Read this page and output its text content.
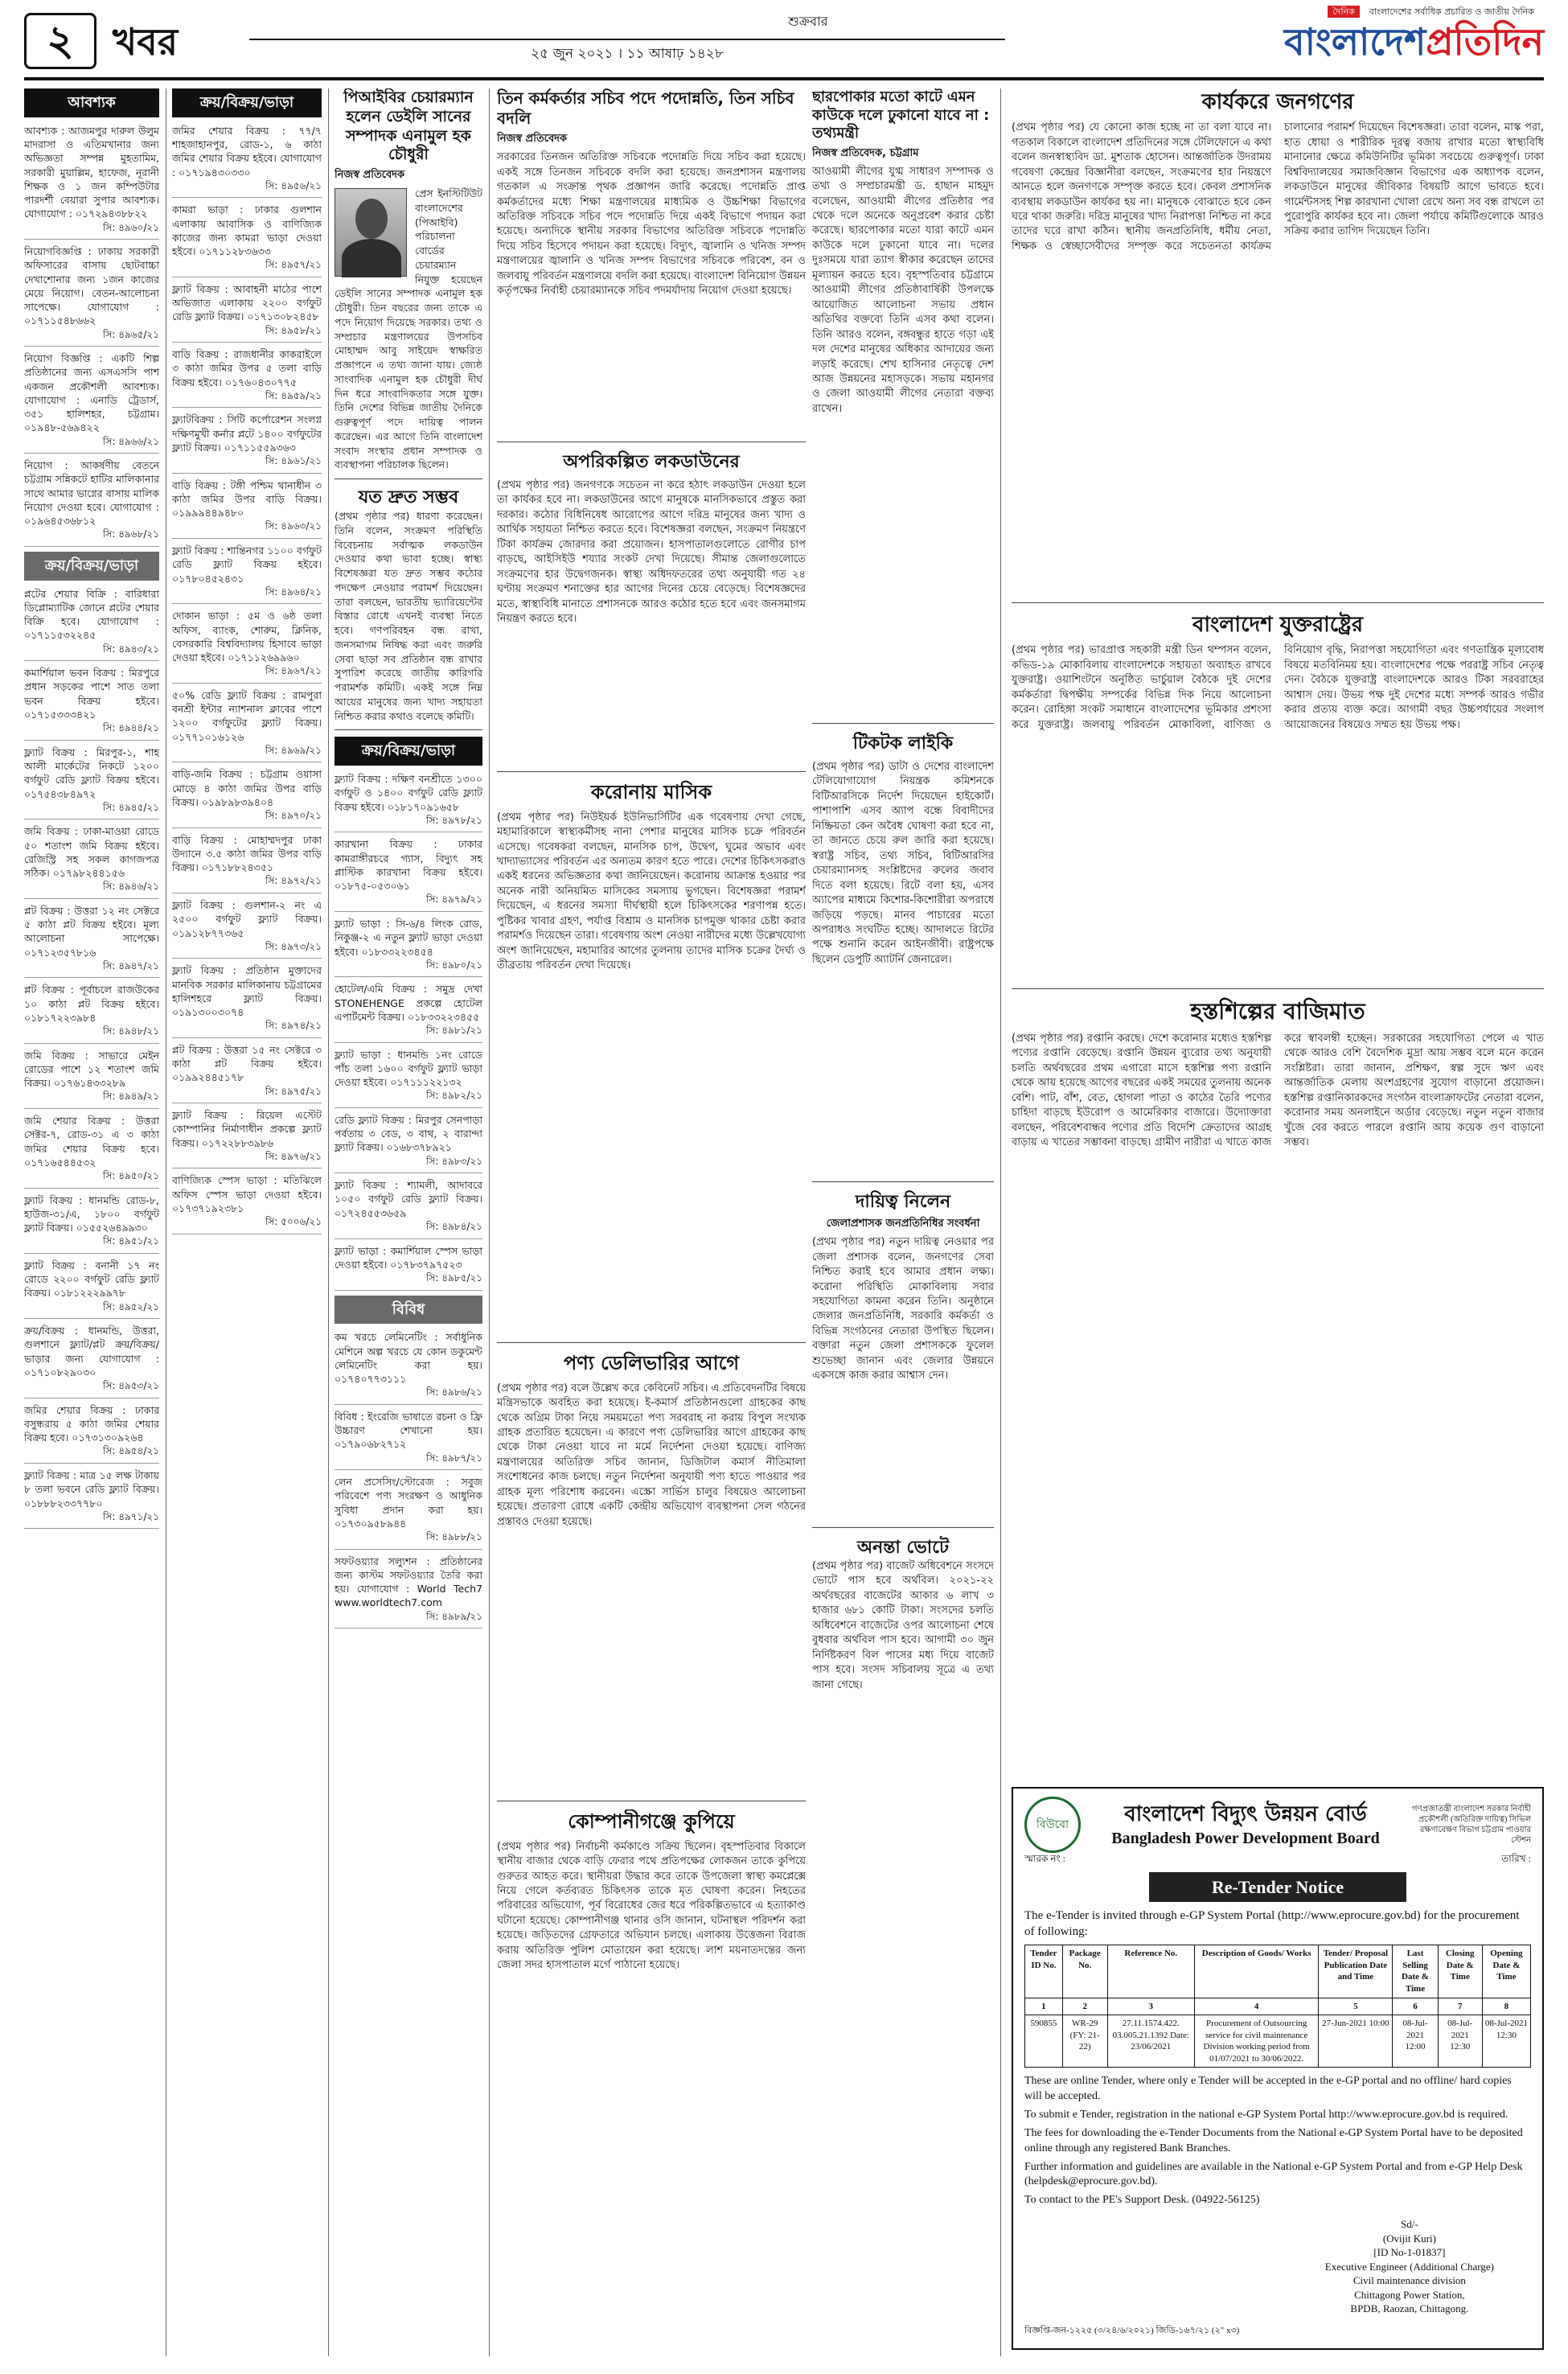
২	খবর	শুক্রবার
২৫ জুন ২০২১ । ১১ আষাঢ় ১৪২৮
দৈনিক বাংলাদেশের সর্বাধিক প্রচারিত ও জাতীয় দৈনিক
বাংলাদেশপ্রতিদিন
আবশ্যক
আবশ্যক : আজমপুর দারুল উলুম মাদরাসা ও এতিমখানার জন্য অভিজ্ঞতা সম্পন্ন মুহতামিম, সরকারী মুয়াল্লিম, হাফেজ, নূরানী শিক্ষক ও ১ জন কম্পিউটার পারদর্শী বেয়ারা সুপার আবশ্যক। যোগাযোগ : ০১৭২৯৪৩৮৮২২
সি: ৪৯৬০/২১
নিয়োগবিজ্ঞপ্তি : ঢাকায় সরকারী অফিসারের বাসায় ছোটবাচ্চা দেখাশোনার জন্য ১জন কাজের মেয়ে নিয়োগ। বেতন-আলোচনা সাপেক্ষে। যোগাযোগ : ০১৭১১৫৪৮৬৬২
সি: ৪৯৬৫/২১
নিয়োগ বিজ্ঞপ্তি : একটি শিল্প প্রতিষ্ঠানের জন্য এসএসসি পাশ একজন প্রকৌশলী আবশ্যক। যোগাযোগ : এনাডি ট্রেডার্স, ৩৫১ হালিশহর, চট্টগ্রাম। ০১৯৪৮-৫৬৯৪২২
সি: ৪৯৬৬/২১
নিয়োগ : আকর্ষণীয় বেতনে চট্টগ্রাম সন্নিকটে হাটির মালিকানার সাথে আমার ভাগ্নের বাসায় মালিক নিয়োগ দেওয়া হবে। যোগাযোগ : ০১৯৬৪৫৩৬৮১২
সি: ৪৯৬৮/২১
ক্রয়/বিক্রয়/ভাড়া
প্লটের শেয়ার বিক্রি : বারিধারা ডিপ্লোম্যাটিক জোনে প্লটের শেয়ার বিক্রি হবে। যোগাযোগ : ০১৭১১৫৩২২৪৫
সি: ৪৯৪৩/২১
কমার্শিয়াল ভবন বিক্রয় : মিরপুরে প্রধান সড়কের পাশে সাত তলা ভবন বিক্রয় হইবে। ০১৭১৫৩৩৩৪২১
সি: ৪৯৪৪/২১
ফ্ল্যাট বিক্রয় : মিরপুর-১, শাহ আলী মার্কেটের নিকটে ১২০০ বর্গফুট রেডি ফ্ল্যাট বিক্রয় হইবে। ০১৭৫৪৩৮৪৯৭২
সি: ৪৯৪৫/২১
জমি বিক্রয় : ঢাকা-মাওয়া রোডে ৫০ শতাংশ জমি বিক্রয় হইবে। রেজিস্ট্রি সহ সকল কাগজপত্র সঠিক। ০১৭৯৮২৪৪১৫৬
সি: ৪৯৪৬/২১
প্লট বিক্রয় : উত্তরা ১২ নং সেক্টরে ৫ কাঠা প্লট বিক্রয় হইবে। মূল্য আলোচনা সাপেক্ষে। ০১৭১২৩৫৭৮১৬
সি: ৪৯৪৭/২১
প্লট বিক্রয় : পূর্বাচলে রাজউকের ১০ কাঠা প্লট বিক্রয় হইবে। ০১৮১৭২২৩৯৮৪
সি: ৪৯৪৮/২১
জমি বিক্রয় : সাভারে মেইন রোডের পাশে ১২ শতাংশ জমি বিক্রয়। ০১৭৬১৪৩৩২৮৯
সি: ৪৯৪৯/২১
জমি শেয়ার বিক্রয় : উত্তরা সেক্টর-৭, রোড-৩১ এ ৩ কাঠা জমির শেয়ার বিক্রয় হবে। ০১৭১৬৫৪৪৫৩২
সি: ৪৯৫০/২১
ফ্ল্যাট বিক্রয় : ধানমন্ডি রোড-৮, হাউজ-৩১/এ, ১৮০০ বর্গফুট ফ্ল্যাট বিক্রয়। ০১৫৫২৬৪৯৯৩০
সি: ৪৯৫১/২১
ফ্ল্যাট বিক্রয় : বনানী ১৭ নং রোডে ২২০০ বর্গফুট রেডি ফ্ল্যাট বিক্রয়। ০১৮১২২২৯৯৭৮
সি: ৪৯৫২/২১
ক্রয়/বিক্রয় : ধানমন্ডি, উত্তরা, গুলশানে ফ্ল্যাট/প্লট ক্রয়/বিক্রয়/ভাড়ার জন্য যোগাযোগ : ০১৭১০৮২৯০৩০
সি: ৪৯৫৩/২১
জমির শেয়ার বিক্রয় : ঢাকার বসুন্ধরায় ৫ কাঠা জমির শেয়ার বিক্রয় হবে। ০১৭৩১৩০৯২৬৪
সি: ৪৯৫৪/২১
ফ্ল্যাট বিক্রয় : মাত্র ১৫ লক্ষ টাকায় ৮ তলা ভবনে রেডি ফ্ল্যাট বিক্রয়। ০১৮৮৮২৩৩৭৭৮০
সি: ৪৯৭১/২১
ক্রয়/বিক্রয়/ভাড়া
জমির শেয়ার বিক্রয় : ৭৭/৭ শাহজাহানপুর, রোড-১, ৬ কাঠা জমির শেয়ার বিক্রয় হইবে। যোগাযোগ : ০১৭১৯৪৩০৩৩০
সি: ৪৯৫৬/২১
কামরা ভাড়া : ঢাকার গুলশান এলাকায় আবাসিক ও বাণিজ্যিক কাজের জন্য কামরা ভাড়া দেওয়া হইবে। ০১৭১১২৮৩৬৩৩
সি: ৪৯৫৭/২১
ফ্ল্যাট বিক্রয় : আবাহনী মাঠের পাশে অভিজাত এলাকায় ২২০০ বর্গফুট রেডি ফ্ল্যাট বিক্রয়। ০১৭১৩০৮২৪৫৮
সি: ৪৯৫৮/২১
বাড়ি বিক্রয় : রাজধানীর কাকরাইলে ৩ কাঠা জমির উপর ৫ তলা বাড়ি বিক্রয় হইবে। ০১৭৬০৪৩০৭৭৫
সি: ৪৯৫৯/২১
ফ্ল্যাটবিক্রয় : সিটি কর্পোরেশন সংলগ্ন দক্ষিণমুখী কর্নার প্লটে ১৪০০ বর্গফুটের ফ্ল্যাট বিক্রয়। ০১৭১১৫৫৯৩৬৩
সি: ৪৯৬১/২১
বাড়ি বিক্রয় : টঙ্গী পশ্চিম থানাধীন ৩ কাঠা জমির উপর বাড়ি বিক্রয়। ০১৯৯৯৪৪৯৪৮০
সি: ৪৯৬৩/২১
ফ্ল্যাট বিক্রয় : শান্তিনগর ১১০০ বর্গফুট রেডি ফ্ল্যাট বিক্রয় হইবে। ০১৭৮০৪৫২৪৩১
সি: ৪৯৬৪/২১
দোকান ভাড়া : ৫ম ও ৬ষ্ঠ তলা অফিস, ব্যাংক, শোরুম, ক্লিনিক, বেসরকারি বিশ্ববিদ্যালয় হিসাবে ভাড়া দেওয়া হইবে। ০১৭১১২৬৯৯৬০
সি: ৪৯৬৭/২১
৫০% রেডি ফ্ল্যাট বিক্রয় : রামপুরা বনশ্রী ইন্টার ন্যাশনাল ক্লাবের পাশে ১২০০ বর্গফুটের ফ্ল্যাট বিক্রয়। ০১৭৭১০১৬১২৬
সি: ৪৯৬৯/২১
বাড়ি-জমি বিক্রয় : চট্টগ্রাম ওয়াসা মোড়ে ৪ কাঠা জমির উপর বাড়ি বিক্রয়। ০১৯৮৯৮৩৯৪০৪
সি: ৪৯৭০/২১
বাড়ি বিক্রয় : মোহাম্মদপুর ঢাকা উদ্যানে ৩.৫ কাঠা জমির উপর বাড়ি বিক্রয়। ০১৭১৮৮২৪৩৫১
সি: ৪৯৭২/২১
ফ্ল্যাট বিক্রয় : গুলশান-২ নং এ ২৫০০ বর্গফুট ফ্ল্যাট বিক্রয়। ০১৯১২৮৭৭৩৬৫
সি: ৪৯৭৩/২১
ফ্ল্যাট বিক্রয় : প্রতিষ্ঠান মুক্তাদের মানবিক সরকার মালিকানায় চট্টগ্রামের হালিশহরে ফ্ল্যাট বিক্রয়। ০১৯১৩০০৩০৭৪
সি: ৪৯৭৪/২১
প্লট বিক্রয় : উত্তরা ১৫ নং সেক্টরে ৩ কাঠা প্লট বিক্রয় হইবে। ০১৯৯২৪৪৫১৭৮
সি: ৪৯৭৫/২১
ফ্ল্যাট বিক্রয় : রিয়েল এস্টেট কোম্পানির নির্মাণাধীন প্রকল্পে ফ্ল্যাট বিক্রয়। ০১৭২২৮৮৩৯৮৬
সি: ৪৯৭৬/২১
বাণিজ্যিক স্পেস ভাড়া : মতিঝিলে অফিস স্পেস ভাড়া দেওয়া হইবে। ০১৭৩৭১৯২৩৮১
সি: ৫০০৬/২১
পিআইবির চেয়ারম্যান হলেন ডেইলি সানের সম্পাদক এনামুল হক চৌধুরী
নিজস্ব প্রতিবেদক
প্রেস ইনস্টিটিউট বাংলাদেশের (পিআইবি) পরিচালনা বোর্ডের চেয়ারম্যান নিযুক্ত হয়েছেন ডেইলি সানের সম্পাদক এনামুল হক চৌধুরী। তিন বছরের জন্য তাকে এ পদে নিয়োগ দিয়েছে সরকার। তথ্য ও সম্প্রচার মন্ত্রণালয়ের উপসচিব মোহাম্মদ আবু সাইয়েদ স্বাক্ষরিত প্রজ্ঞাপনে এ তথ্য জানা যায়। জ্যেষ্ঠ সাংবাদিক এনামুল হক চৌধুরী দীর্ঘ দিন ধরে সাংবাদিকতার সঙ্গে যুক্ত। তিনি দেশের বিভিন্ন জাতীয় দৈনিকে গুরুত্বপূর্ণ পদে দায়িত্ব পালন করেছেন। এর আগে তিনি বাংলাদেশ সংবাদ সংস্থার প্রধান সম্পাদক ও ব্যবস্থাপনা পরিচালক ছিলেন।
যত দ্রুত সম্ভব
(প্রথম পৃষ্ঠার পর) ধারণা করেছেন। তিনি বলেন, সংক্রমণ পরিস্থিতি বিবেচনায় সর্বাত্মক লকডাউন দেওয়ার কথা ভাবা হচ্ছে। স্বাস্থ্য বিশেষজ্ঞরা যত দ্রুত সম্ভব কঠোর পদক্ষেপ নেওয়ার পরামর্শ দিয়েছেন। তারা বলছেন, ভারতীয় ভ্যারিয়েন্টের বিস্তার রোধে এখনই ব্যবস্থা নিতে হবে। গণপরিবহন বন্ধ রাখা, জনসমাগম নিষিদ্ধ করা এবং জরুরি সেবা ছাড়া সব প্রতিষ্ঠান বন্ধ রাখার সুপারিশ করেছে জাতীয় কারিগরি পরামর্শক কমিটি। একই সঙ্গে নিম্ন আয়ের মানুষের জন্য খাদ্য সহায়তা নিশ্চিত করার কথাও বলেছে কমিটি।
ক্রয়/বিক্রয়/ভাড়া
ফ্ল্যাট বিক্রয় : দক্ষিণ বনশ্রীতে ১৩০০ বর্গফুট ও ১৪০০ বর্গফুট রেডি ফ্ল্যাট বিক্রয় হইবে। ০১৮১৭০৯১৬৫৮
সি: ৪৯৭৮/২১
কারখানা বিক্রয় : ঢাকার কামরাঙ্গীরচরে গ্যাস, বিদ্যুৎ সহ প্লাস্টিক কারখানা বিক্রয় হইবে। ০১৮৭৫-০৫৩০৬১
সি: ৪৯৭৯/২১
ফ্ল্যাট ভাড়া : সি-৬/৪ লিংক রোড, নিকুঞ্জ-২ এ নতুন ফ্ল্যাট ভাড়া দেওয়া হইবে। ০১৮৩৩২২৩৪৫৪
সি: ৪৯৮০/২১
হোটেল/এমি বিক্রয় : সমুদ্র দেখা STONEHENGE প্রকল্পে হোটেল এপার্টমেন্ট বিক্রয়। ০১৮৩৩২২৩৪৫৫
সি: ৪৯৮১/২১
ফ্ল্যাট ভাড়া : ধানমন্ডি ১নং রোডে পাঁচ তলা ১৬০০ বর্গফুট ফ্ল্যাট ভাড়া দেওয়া হইবে। ০১৭১১১২২১৩২
সি: ৪৯৮২/২১
রেডি ফ্ল্যাট বিক্রয় : মিরপুর সেনপাড়া পর্বতায় ৩ বেড, ৩ বাথ, ২ বারান্দা ফ্ল্যাট বিক্রয়। ০১৬৮৩৭৮৯২১
সি: ৪৯৮৩/২১
ফ্ল্যাট বিক্রয় : শ্যামলী, আদাবরে ১০৫০ বর্গফুট রেডি ফ্ল্যাট বিক্রয়। ০১৭২৪৫৫৩৬৫৯
সি: ৪৯৮৪/২১
ফ্ল্যাট ভাড়া : কমার্শিয়াল স্পেস ভাড়া দেওয়া হইবে। ০১৭৮৩৭৯৭৫২৩
সি: ৪৯৮৫/২১
বিবিধ
কম খরচে লেমিনেটিং : সর্বাধুনিক মেশিনে অল্প খরচে যে কোন ডকুমেন্ট লেমিনেটিং করা হয়। ০১৭৪০৭৭৩১১১
সি: ৪৯৮৬/২১
বিবিধ : ইংরেজি ভাষাতে রচনা ও ফ্রি উচ্চারণ শেখানো হয়। ০১৭৯০৬৮২৭১২
সি: ৪৯৮৭/২১
লেন প্রসেসিং/স্টোরেজ : সবুজ পরিবেশে পণ্য সংরক্ষণ ও আধুনিক সুবিধা প্রদান করা হয়। ০১৭৩০৯৫৮৯৪৪
সি: ৪৯৮৮/২১
সফটওয়্যার সল্যুশন : প্রতিষ্ঠানের জন্য কাস্টম সফটওয়্যার তৈরি করা হয়। যোগাযোগ : World Tech7 www.worldtech7.com
সি: ৪৯৮৯/২১
তিন কর্মকর্তার সচিব পদে পদোন্নতি, তিন সচিব বদলি
নিজস্ব প্রতিবেদক
সরকারের তিনজন অতিরিক্ত সচিবকে পদোন্নতি দিয়ে সচিব করা হয়েছে। একই সঙ্গে তিনজন সচিবকে বদলি করা হয়েছে। জনপ্রশাসন মন্ত্রণালয় গতকাল এ সংক্রান্ত পৃথক প্রজ্ঞাপন জারি করেছে। পদোন্নতি প্রাপ্ত কর্মকর্তাদের মধ্যে শিক্ষা মন্ত্রণালয়ের মাধ্যমিক ও উচ্চশিক্ষা বিভাগের অতিরিক্ত সচিবকে সচিব পদে পদোন্নতি দিয়ে একই বিভাগে পদায়ন করা হয়েছে। অন্যদিকে স্থানীয় সরকার বিভাগের অতিরিক্ত সচিবকে পদোন্নতি দিয়ে সচিব হিসেবে পদায়ন করা হয়েছে। বিদ্যুৎ, জ্বালানি ও খনিজ সম্পদ মন্ত্রণালয়ের জ্বালানি ও খনিজ সম্পদ বিভাগের সচিবকে পরিবেশ, বন ও জলবায়ু পরিবর্তন মন্ত্রণালয়ে বদলি করা হয়েছে। বাংলাদেশ বিনিয়োগ উন্নয়ন কর্তৃপক্ষের নির্বাহী চেয়ারম্যানকে সচিব পদমর্যাদায় নিয়োগ দেওয়া হয়েছে।
অপরিকল্পিত লকডাউনের
(প্রথম পৃষ্ঠার পর) জনগণকে সচেতন না করে হঠাৎ লকডাউন দেওয়া হলে তা কার্যকর হবে না। লকডাউনের আগে মানুষকে মানসিকভাবে প্রস্তুত করা দরকার। কঠোর বিধিনিষেধ আরোপের আগে দরিদ্র মানুষের জন্য খাদ্য ও আর্থিক সহায়তা নিশ্চিত করতে হবে। বিশেষজ্ঞরা বলছেন, সংক্রমণ নিয়ন্ত্রণে টিকা কার্যক্রম জোরদার করা প্রয়োজন। হাসপাতালগুলোতে রোগীর চাপ বাড়ছে, আইসিইউ শয্যার সংকট দেখা দিয়েছে। সীমান্ত জেলাগুলোতে সংক্রমণের হার উদ্বেগজনক। স্বাস্থ্য অধিদফতরের তথ্য অনুযায়ী গত ২৪ ঘণ্টায় সংক্রমণ শনাক্তের হার আগের দিনের চেয়ে বেড়েছে। বিশেষজ্ঞদের মতে, স্বাস্থ্যবিধি মানাতে প্রশাসনকে আরও কঠোর হতে হবে এবং জনসমাগম নিয়ন্ত্রণ করতে হবে।
করোনায় মাসিক
(প্রথম পৃষ্ঠার পর) নিউইয়র্ক ইউনিভার্সিটির এক গবেষণায় দেখা গেছে, মহামারিকালে স্বাস্থ্যকর্মীসহ নানা পেশার মানুষের মাসিক চক্রে পরিবর্তন এসেছে। গবেষকরা বলছেন, মানসিক চাপ, উদ্বেগ, ঘুমের অভাব এবং খাদ্যাভ্যাসের পরিবর্তন এর অন্যতম কারণ হতে পারে। দেশের চিকিৎসকরাও একই ধরনের অভিজ্ঞতার কথা জানিয়েছেন। করোনায় আক্রান্ত হওয়ার পর অনেক নারী অনিয়মিত মাসিকের সমস্যায় ভুগছেন। বিশেষজ্ঞরা পরামর্শ দিয়েছেন, এ ধরনের সমস্যা দীর্ঘস্থায়ী হলে চিকিৎসকের শরণাপন্ন হতে। পুষ্টিকর খাবার গ্রহণ, পর্যাপ্ত বিশ্রাম ও মানসিক চাপমুক্ত থাকার চেষ্টা করার পরামর্শও দিয়েছেন তারা। গবেষণায় অংশ নেওয়া নারীদের মধ্যে উল্লেখযোগ্য অংশ জানিয়েছেন, মহামারির আগের তুলনায় তাদের মাসিক চক্রের দৈর্ঘ্য ও তীব্রতায় পরিবর্তন দেখা দিয়েছে।
পণ্য ডেলিভারির আগে
(প্রথম পৃষ্ঠার পর) বলে উল্লেখ করে কেবিনেট সচিব। এ প্রতিবেদনটির বিষয়ে মন্ত্রিসভাকে অবহিত করা হয়েছে। ই-কমার্স প্রতিষ্ঠানগুলো গ্রাহকের কাছ থেকে অগ্রিম টাকা নিয়ে সময়মতো পণ্য সরবরাহ না করায় বিপুল সংখ্যক গ্রাহক প্রতারিত হয়েছেন। এ কারণে পণ্য ডেলিভারির আগে গ্রাহকের কাছ থেকে টাকা নেওয়া যাবে না মর্মে নির্দেশনা দেওয়া হয়েছে। বাণিজ্য মন্ত্রণালয়ের অতিরিক্ত সচিব জানান, ডিজিটাল কমার্স নীতিমালা সংশোধনের কাজ চলছে। নতুন নির্দেশনা অনুযায়ী পণ্য হাতে পাওয়ার পর গ্রাহক মূল্য পরিশোধ করবেন। এস্ক্রো সার্ভিস চালুর বিষয়েও আলোচনা হয়েছে। প্রতারণা রোধে একটি কেন্দ্রীয় অভিযোগ ব্যবস্থাপনা সেল গঠনের প্রস্তাবও দেওয়া হয়েছে।
কোম্পানীগঞ্জে কুপিয়ে
(প্রথম পৃষ্ঠার পর) নির্বাচনী কর্মকাণ্ডে সক্রিয় ছিলেন। বৃহস্পতিবার বিকালে স্থানীয় বাজার থেকে বাড়ি ফেরার পথে প্রতিপক্ষের লোকজন তাকে কুপিয়ে গুরুতর আহত করে। স্থানীয়রা উদ্ধার করে তাকে উপজেলা স্বাস্থ্য কমপ্লেক্সে নিয়ে গেলে কর্তব্যরত চিকিৎসক তাকে মৃত ঘোষণা করেন। নিহতের পরিবারের অভিযোগ, পূর্ব বিরোধের জের ধরে পরিকল্পিতভাবে এ হত্যাকাণ্ড ঘটানো হয়েছে। কোম্পানীগঞ্জ থানার ওসি জানান, ঘটনাস্থল পরিদর্শন করা হয়েছে। জড়িতদের গ্রেফতারে অভিযান চলছে। এলাকায় উত্তেজনা বিরাজ করায় অতিরিক্ত পুলিশ মোতায়েন করা হয়েছে। লাশ ময়নাতদন্তের জন্য জেলা সদর হাসপাতাল মর্গে পাঠানো হয়েছে।
ছারপোকার মতো কাটে এমন কাউকে দলে ঢুকানো যাবে না : তথ্যমন্ত্রী
নিজস্ব প্রতিবেদক, চট্টগ্রাম
আওয়ামী লীগের যুগ্ম সাধারণ সম্পাদক ও তথ্য ও সম্প্রচারমন্ত্রী ড. হাছান মাহমুদ বলেছেন, আওয়ামী লীগের প্রতিষ্ঠার পর থেকে দলে অনেকে অনুপ্রবেশ করার চেষ্টা করেছে। ছারপোকার মতো যারা কাটে এমন কাউকে দলে ঢুকানো যাবে না। দলের দুঃসময়ে যারা ত্যাগ স্বীকার করেছেন তাদের মূল্যায়ন করতে হবে। বৃহস্পতিবার চট্টগ্রামে আওয়ামী লীগের প্রতিষ্ঠাবার্ষিকী উপলক্ষে আয়োজিত আলোচনা সভায় প্রধান অতিথির বক্তব্যে তিনি এসব কথা বলেন। তিনি আরও বলেন, বঙ্গবন্ধুর হাতে গড়া এই দল দেশের মানুষের অধিকার আদায়ের জন্য লড়াই করেছে। শেখ হাসিনার নেতৃত্বে দেশ আজ উন্নয়নের মহাসড়কে। সভায় মহানগর ও জেলা আওয়ামী লীগের নেতারা বক্তব্য রাখেন।
টিকটক লাইকি
(প্রথম পৃষ্ঠার পর) ডাটা ও দেশের বাংলাদেশ টেলিযোগাযোগ নিয়ন্ত্রক কমিশনকে বিটিআরসিকে নির্দেশ দিয়েছেন হাইকোর্ট। পাশাপাশি এসব অ্যাপ বন্ধে বিবাদীদের নিষ্ক্রিয়তা কেন অবৈধ ঘোষণা করা হবে না, তা জানতে চেয়ে রুল জারি করা হয়েছে। স্বরাষ্ট্র সচিব, তথ্য সচিব, বিটিআরসির চেয়ারম্যানসহ সংশ্লিষ্টদের রুলের জবাব দিতে বলা হয়েছে। রিটে বলা হয়, এসব অ্যাপের মাধ্যমে কিশোর-কিশোরীরা অপরাধে জড়িয়ে পড়ছে। মানব পাচারের মতো অপরাধও সংঘটিত হচ্ছে। আদালতে রিটের পক্ষে শুনানি করেন আইনজীবী। রাষ্ট্রপক্ষে ছিলেন ডেপুটি অ্যাটর্নি জেনারেল।
দায়িত্ব নিলেন
জেলাপ্রশাসক জনপ্রতিনিধির সংবর্ধনা
(প্রথম পৃষ্ঠার পর) নতুন দায়িত্ব নেওয়ার পর জেলা প্রশাসক বলেন, জনগণের সেবা নিশ্চিত করাই হবে আমার প্রধান লক্ষ্য। করোনা পরিস্থিতি মোকাবিলায় সবার সহযোগিতা কামনা করেন তিনি। অনুষ্ঠানে জেলার জনপ্রতিনিধি, সরকারি কর্মকর্তা ও বিভিন্ন সংগঠনের নেতারা উপস্থিত ছিলেন। বক্তারা নতুন জেলা প্রশাসককে ফুলেল শুভেচ্ছা জানান এবং জেলার উন্নয়নে একসঙ্গে কাজ করার আশ্বাস দেন।
অনন্তা ভোটে
(প্রথম পৃষ্ঠার পর) বাজেট অধিবেশনে সংসদে ভোটে পাস হবে অর্থবিল। ২০২১-২২ অর্থবছরের বাজেটের আকার ৬ লাখ ৩ হাজার ৬৮১ কোটি টাকা। সংসদের চলতি অধিবেশনে বাজেটের ওপর আলোচনা শেষে বুধবার অর্থবিল পাস হবে। আগামী ৩০ জুন নির্দিষ্টকরণ বিল পাসের মধ্য দিয়ে বাজেট পাস হবে। সংসদ সচিবালয় সূত্রে এ তথ্য জানা গেছে।
কার্যকরে জনগণের
(প্রথম পৃষ্ঠার পর) যে কোনো কাজ হচ্ছে না তা বলা যাবে না। গতকাল বিকালে বাংলাদেশ প্রতিদিনের সঙ্গে টেলিফোনে এ কথা বলেন জনস্বাস্থ্যবিদ ডা. মুশতাক হোসেন। আন্তর্জাতিক উদরাময় গবেষণা কেন্দ্রের বিজ্ঞানীরা বলছেন, সংক্রমণের হার নিয়ন্ত্রণে আনতে হলে জনগণকে সম্পৃক্ত করতে হবে। কেবল প্রশাসনিক ব্যবস্থায় লকডাউন কার্যকর হয় না। মানুষকে বোঝাতে হবে কেন ঘরে থাকা জরুরি। দরিদ্র মানুষের খাদ্য নিরাপত্তা নিশ্চিত না করে তাদের ঘরে রাখা কঠিন। স্থানীয় জনপ্রতিনিধি, ধর্মীয় নেতা, শিক্ষক ও স্বেচ্ছাসেবীদের সম্পৃক্ত করে সচেতনতা কার্যক্রম চালানোর পরামর্শ দিয়েছেন বিশেষজ্ঞরা। তারা বলেন, মাস্ক পরা, হাত ধোয়া ও শারীরিক দূরত্ব বজায় রাখার মতো স্বাস্থ্যবিধি মানানোর ক্ষেত্রে কমিউনিটির ভূমিকা সবচেয়ে গুরুত্বপূর্ণ। ঢাকা বিশ্ববিদ্যালয়ের সমাজবিজ্ঞান বিভাগের এক অধ্যাপক বলেন, লকডাউনে মানুষের জীবিকার বিষয়টি আগে ভাবতে হবে। গার্মেন্টসসহ শিল্প কারখানা খোলা রেখে অন্য সব বন্ধ রাখলে তা পুরোপুরি কার্যকর হবে না। জেলা পর্যায়ে কমিটিগুলোকে আরও সক্রিয় করার তাগিদ দিয়েছেন তিনি।
বাংলাদেশ যুক্তরাষ্ট্রের
(প্রথম পৃষ্ঠার পর) ভারপ্রাপ্ত সহকারী মন্ত্রী ডিন থম্পসন বলেন, কভিড-১৯ মোকাবিলায় বাংলাদেশকে সহায়তা অব্যাহত রাখবে যুক্তরাষ্ট্র। ওয়াশিংটনে অনুষ্ঠিত ভার্চুয়াল বৈঠকে দুই দেশের কর্মকর্তারা দ্বিপক্ষীয় সম্পর্কের বিভিন্ন দিক নিয়ে আলোচনা করেন। রোহিঙ্গা সংকট সমাধানে বাংলাদেশের ভূমিকার প্রশংসা করে যুক্তরাষ্ট্র। জলবায়ু পরিবর্তন মোকাবিলা, বাণিজ্য ও বিনিয়োগ বৃদ্ধি, নিরাপত্তা সহযোগিতা এবং গণতান্ত্রিক মূল্যবোধ বিষয়ে মতবিনিময় হয়। বাংলাদেশের পক্ষে পররাষ্ট্র সচিব নেতৃত্ব দেন। বৈঠকে যুক্তরাষ্ট্র বাংলাদেশকে আরও টিকা সরবরাহের আশ্বাস দেয়। উভয় পক্ষ দুই দেশের মধ্যে সম্পর্ক আরও গভীর করার প্রত্যয় ব্যক্ত করে। আগামী বছর উচ্চপর্যায়ের সংলাপ আয়োজনের বিষয়েও সম্মত হয় উভয় পক্ষ।
হস্তশিল্পের বাজিমাত
(প্রথম পৃষ্ঠার পর) রপ্তানি করছে। দেশে করোনার মধ্যেও হস্তশিল্প পণ্যের রপ্তানি বেড়েছে। রপ্তানি উন্নয়ন ব্যুরোর তথ্য অনুযায়ী চলতি অর্থবছরের প্রথম এগারো মাসে হস্তশিল্প পণ্য রপ্তানি থেকে আয় হয়েছে আগের বছরের একই সময়ের তুলনায় অনেক বেশি। পাট, বাঁশ, বেত, হোগলা পাতা ও কাঠের তৈরি পণ্যের চাহিদা বাড়ছে ইউরোপ ও আমেরিকার বাজারে। উদ্যোক্তারা বলছেন, পরিবেশবান্ধব পণ্যের প্রতি বিদেশি ক্রেতাদের আগ্রহ বাড়ায় এ খাতের সম্ভাবনা বাড়ছে। গ্রামীণ নারীরা এ খাতে কাজ করে স্বাবলম্বী হচ্ছেন। সরকারের সহযোগিতা পেলে এ খাত থেকে আরও বেশি বৈদেশিক মুদ্রা আয় সম্ভব বলে মনে করেন সংশ্লিষ্টরা। তারা জানান, প্রশিক্ষণ, স্বল্প সুদে ঋণ এবং আন্তর্জাতিক মেলায় অংশগ্রহণের সুযোগ বাড়ানো প্রয়োজন। হস্তশিল্প রপ্তানিকারকদের সংগঠন বাংলাক্রাফটের নেতারা বলেন, করোনার সময় অনলাইনে অর্ডার বেড়েছে। নতুন নতুন বাজার খুঁজে বের করতে পারলে রপ্তানি আয় কয়েক গুণ বাড়ানো সম্ভব।
বিউবো	বাংলাদেশ বিদ্যুৎ উন্নয়ন বোর্ড
Bangladesh Power Development Board
গণপ্রজাতন্ত্রী বাংলাদেশ সরকার নির্বাহী প্রকৌশলী (অতিরিক্ত দায়িত্ব) সিভিল রক্ষণাবেক্ষণ বিভাগ চট্টগ্রাম পাওয়ার স্টেশন
স্মারক নং :	তারিখ :
Re-Tender Notice
The e-Tender is invited through e-GP System Portal (http://www.eprocure.gov.bd) for the procurement of following:
Tender ID No.	Package No.	Reference No.	Description of Goods/ Works	Tender/ Proposal Publication Date and Time	Last Selling Date & Time	Closing Date & Time	Opening Date & Time
1	2	3	4	5	6	7	8
590855	WR-29 (FY: 21-22)	27.11.1574.422. 03.005.21.1392 Date: 23/06/2021	Procurement of Outsourcing service for civil maintenance Division working period from 01/07/2021 to 30/06/2022.	27-Jun-2021 10:00	08-Jul-2021 12:00	08-Jul-2021 12:30	08-Jul-2021 12:30

These are online Tender, where only e Tender will be accepted in the e-GP portal and no offline/ hard copies will be accepted.

To submit e Tender, registration in the national e-GP System Portal http://www.eprocure.gov.bd is required.

The fees for downloading the e-Tender Documents from the National e-GP System Portal have to be deposited online through any registered Bank Branches.

Further information and guidelines are available in the National e-GP System Portal and from e-GP Help Desk (helpdesk@eprocure.gov.bd).

To contact to the PE's Support Desk. (04922-56125)

Sd/-
(Ovijit Kuri)
[ID No-1-01837]
Executive Engineer (Additional Charge)
Civil maintenance division
Chittagong Power Station,
BPDB, Raozan, Chittagong.
বিজ্ঞপ্তি-জন-১২২৫ (৩/২৪/৬/২০২১) জিডি-১৬৭/২১ (২" x৩)
